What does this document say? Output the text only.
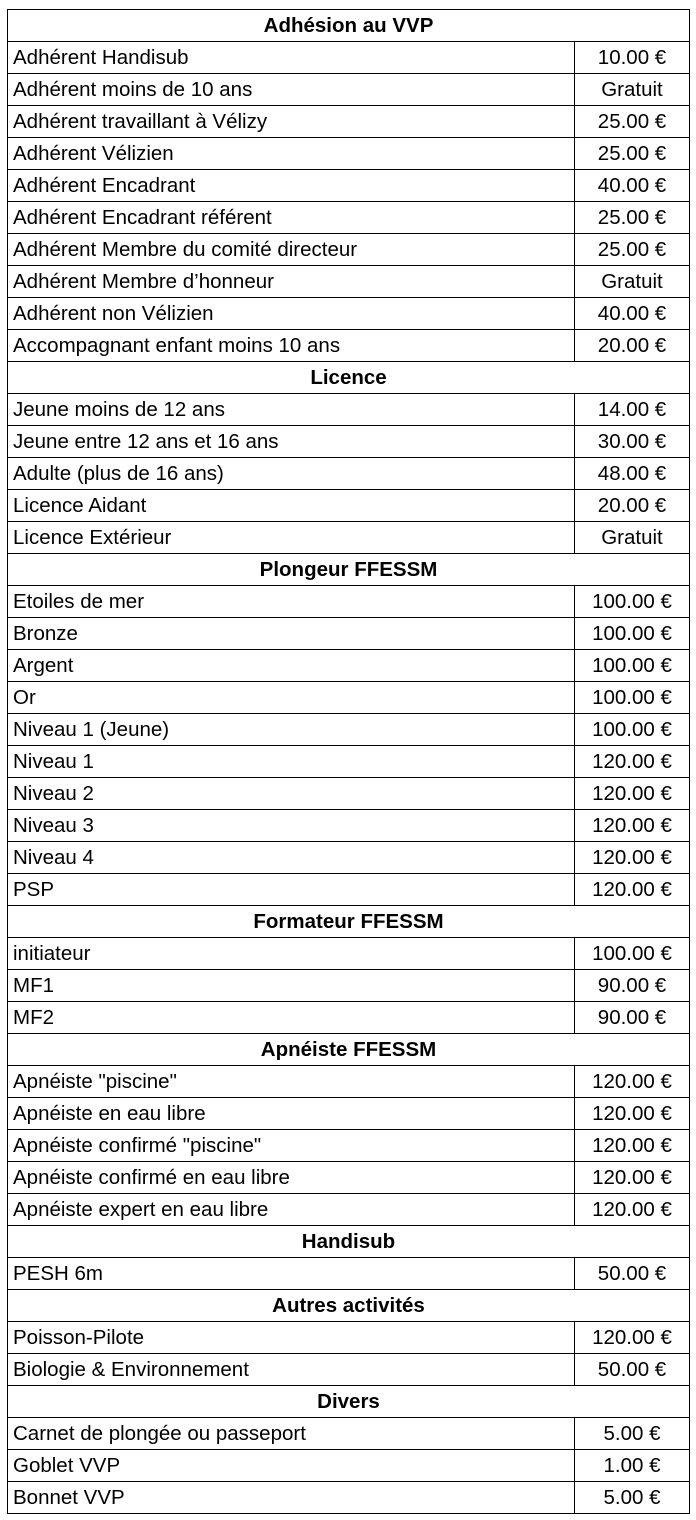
Adhésion au VVP	
Adhérent Handisub	10.00 €
Adhérent moins de 10 ans	Gratuit
Adhérent travaillant à Vélizy	25.00 €
Adhérent Vélizien	25.00 €
Adhérent Encadrant	40.00 €
Adhérent Encadrant référent	25.00 €
Adhérent Membre du comité directeur	25.00 €
Adhérent Membre d’honneur	Gratuit
Adhérent non Vélizien	40.00 €
Accompagnant enfant moins 10 ans	20.00 €
Licence	
Jeune moins de 12 ans	14.00 €
Jeune entre 12 ans et 16 ans	30.00 €
Adulte (plus de 16 ans)	48.00 €
Licence Aidant	20.00 €
Licence Extérieur	Gratuit
Plongeur FFESSM	
Etoiles de mer	100.00 €
Bronze	100.00 €
Argent	100.00 €
Or	100.00 €
Niveau 1 (Jeune)	100.00 €
Niveau 1	120.00 €
Niveau 2	120.00 €
Niveau 3	120.00 €
Niveau 4	120.00 €
PSP	120.00 €
Formateur FFESSM	
initiateur	100.00 €
MF1	90.00 €
MF2	90.00 €
Apnéiste FFESSM	
Apnéiste "piscine"	120.00 €
Apnéiste en eau libre	120.00 €
Apnéiste confirmé "piscine"	120.00 €
Apnéiste confirmé en eau libre	120.00 €
Apnéiste expert en eau libre	120.00 €
Handisub	
PESH 6m	50.00 €
Autres activités	
Poisson-Pilote	120.00 €
Biologie & Environnement	50.00 €
Divers	
Carnet de plongée ou passeport	5.00 €
Goblet VVP	1.00 €
Bonnet VVP	5.00 €
